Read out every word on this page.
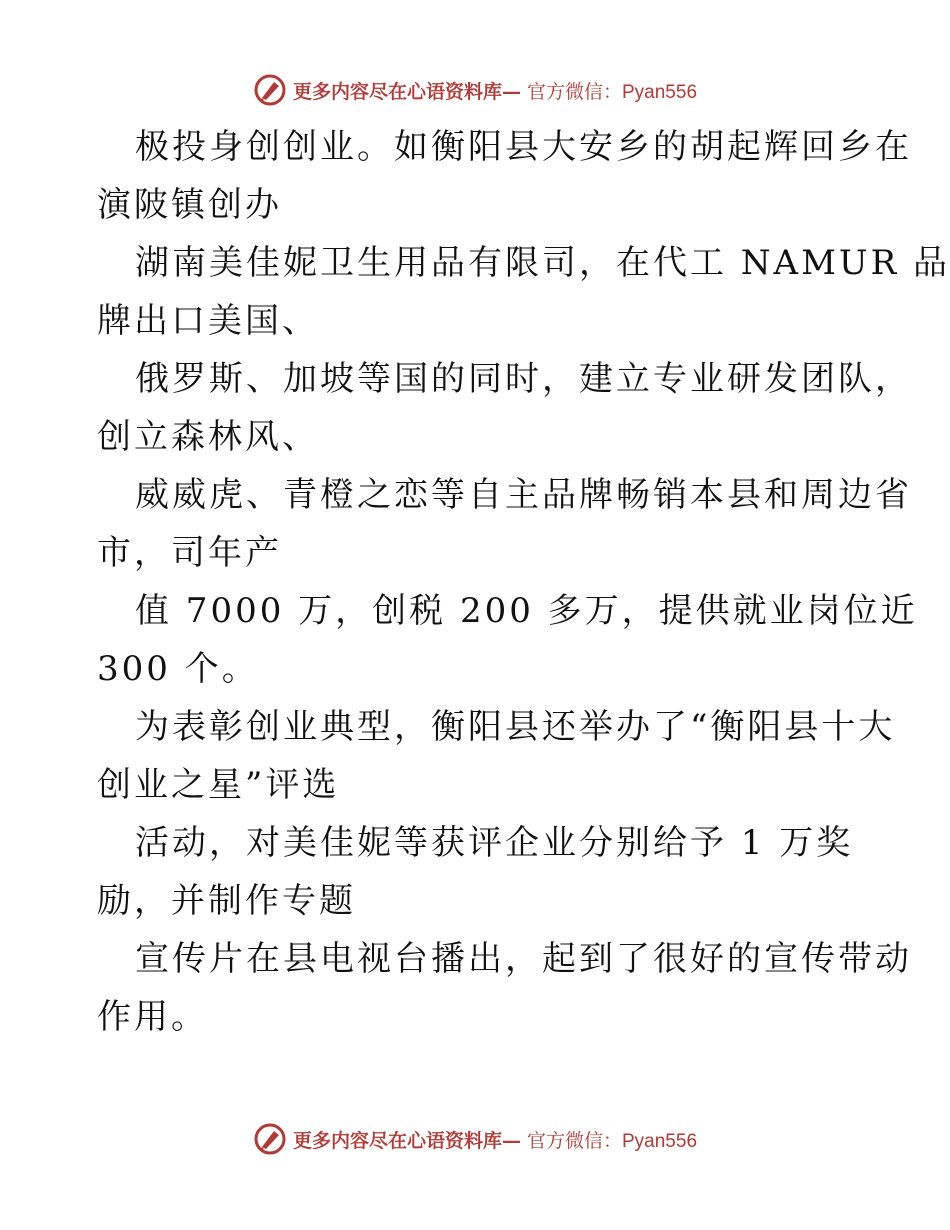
更多内容尽在心语资料库— 官方微信：Pyan556

极投身创创业。如衡阳县大安乡的胡起辉回乡在
演陂镇创办

湖南美佳妮卫生用品有限司，在代工 NAMUR 品
牌出口美国、

俄罗斯、加坡等国的同时，建立专业研发团队，
创立森林风、

威威虎、青橙之恋等自主品牌畅销本县和周边省
市，司年产

值 7000 万，创税 200 多万，提供就业岗位近
300 个。

为表彰创业典型，衡阳县还举办了“衡阳县十大
创业之星”评选

活动，对美佳妮等获评企业分别给予 1 万奖
励，并制作专题

宣传片在县电视台播出，起到了很好的宣传带动
作用。

更多内容尽在心语资料库— 官方微信：Pyan556
